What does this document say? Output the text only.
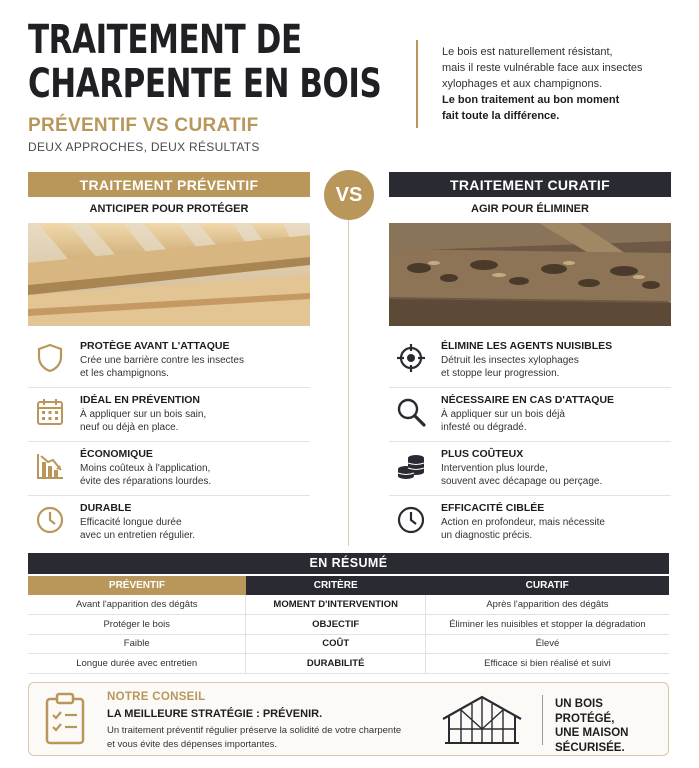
TRAITEMENT DE
CHARPENTE EN BOIS
PRÉVENTIF VS CURATIF
DEUX APPROCHES, DEUX RÉSULTATS
Le bois est naturellement résistant,
mais il reste vulnérable face aux insectes
xylophages et aux champignons.
Le bon traitement au bon moment
fait toute la différence.
VS
TRAITEMENT PRÉVENTIF
ANTICIPER POUR PROTÉGER
PROTÈGE AVANT L'ATTAQUE
Crée une barrière contre les insectes
et les champignons.
IDÉAL EN PRÉVENTION
À appliquer sur un bois sain,
neuf ou déjà en place.
ÉCONOMIQUE
Moins coûteux à l'application,
évite des réparations lourdes.
DURABLE
Efficacité longue durée
avec un entretien régulier.
TRAITEMENT CURATIF
AGIR POUR ÉLIMINER
ÉLIMINE LES AGENTS NUISIBLES
Détruit les insectes xylophages
et stoppe leur progression.
NÉCESSAIRE EN CAS D'ATTAQUE
À appliquer sur un bois déjà
infesté ou dégradé.
PLUS COÛTEUX
Intervention plus lourde,
souvent avec décapage ou perçage.
EFFICACITÉ CIBLÉE
Action en profondeur, mais nécessite
un diagnostic précis.
EN RÉSUMÉ
PRÉVENTIF	CRITÈRE	CURATIF
Avant l'apparition des dégâts	MOMENT D'INTERVENTION	Après l'apparition des dégâts
Protéger le bois	OBJECTIF	Éliminer les nuisibles et stopper la dégradation
Faible	COÛT	Élevé
Longue durée avec entretien	DURABILITÉ	Efficace si bien réalisé et suivi
NOTRE CONSEIL
LA MEILLEURE STRATÉGIE : PRÉVENIR.
Un traitement préventif régulier préserve la solidité de votre charpente
et vous évite des dépenses importantes.
UN BOIS PROTÉGÉ,
UNE MAISON
SÉCURISÉE.
